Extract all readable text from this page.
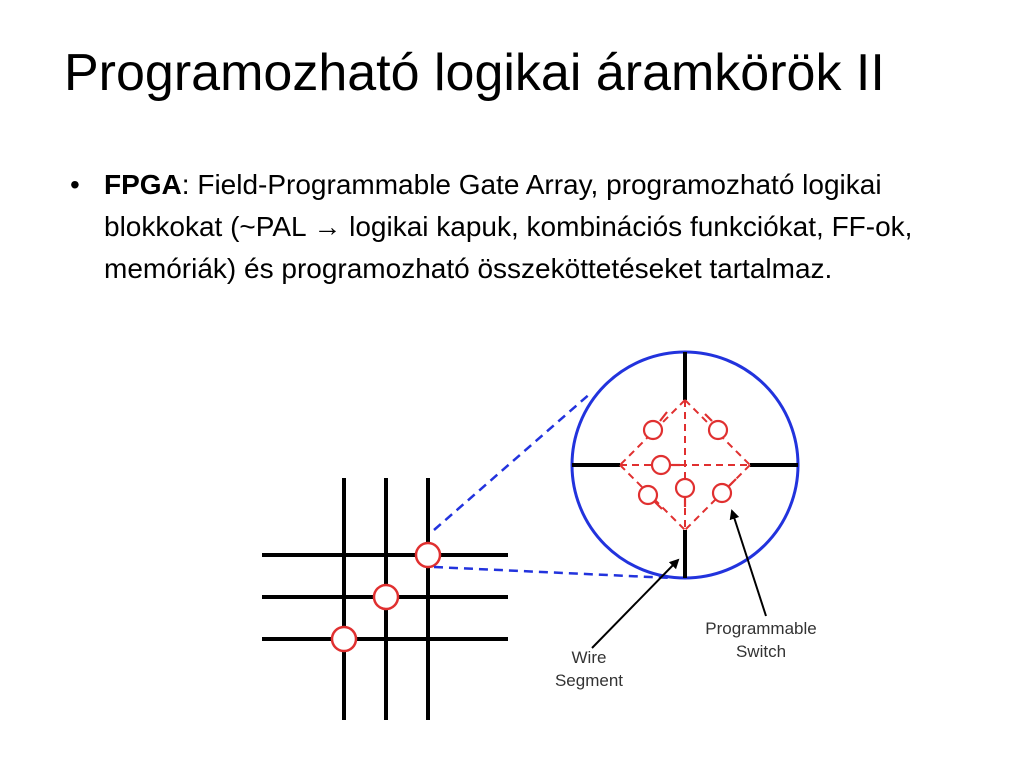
Programozható logikai áramkörök II
• FPGA: Field-Programmable Gate Array, programozható logikai blokkokat (~PAL → logikai kapuk, kombinációs funkciókat, FF-ok, memóriák) és programozható összeköttetéseket tartalmaz.
Wire
Segment
Programmable
Switch
